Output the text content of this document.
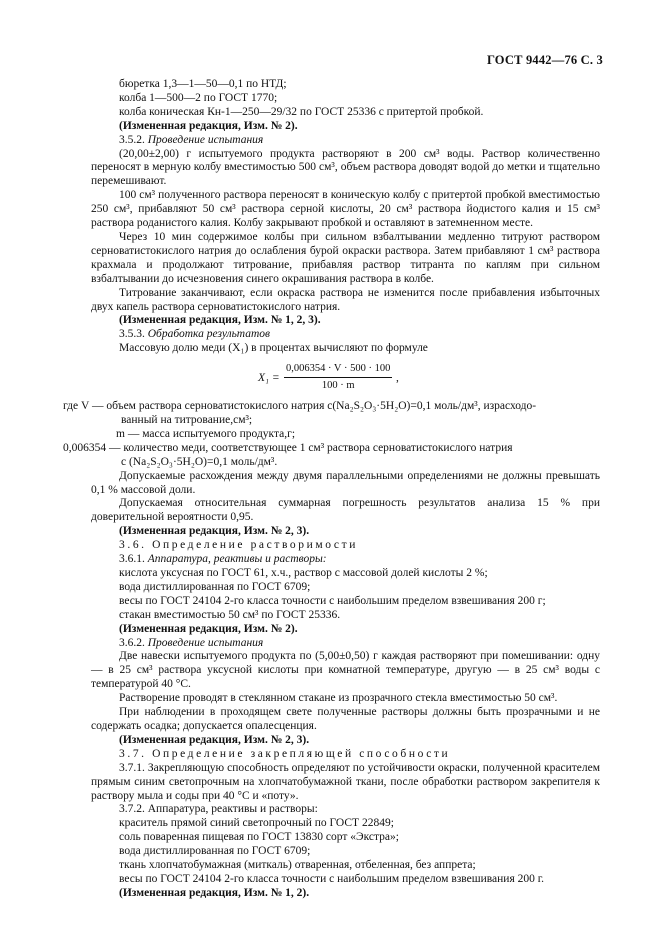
ГОСТ 9442—76 С. 3
бюретка 1,3—1—50—0,1 по НТД;
колба 1—500—2 по ГОСТ 1770;
колба коническая Кн-1—250—29/32 по ГОСТ 25336 с притертой пробкой.
(Измененная редакция, Изм. № 2).
3.5.2. Проведение испытания
(20,00±2,00) г испытуемого продукта растворяют в 200 см³ воды. Раствор количественно переносят в мерную колбу вместимостью 500 см³, объем раствора доводят водой до метки и тщательно перемешивают.
100 см³ полученного раствора переносят в коническую колбу с притертой пробкой вместимостью 250 см³, прибавляют 50 см³ раствора серной кислоты, 20 см³ раствора йодистого калия и 15 см³ раствора роданистого калия. Колбу закрывают пробкой и оставляют в затемненном месте.
Через 10 мин содержимое колбы при сильном взбалтывании медленно титруют раствором серноватистокислого натрия до ослабления бурой окраски раствора. Затем прибавляют 1 см³ раствора крахмала и продолжают титрование, прибавляя раствор титранта по каплям при сильном взбалтывании до исчезновения синего окрашивания раствора в колбе.
Титрование заканчивают, если окраска раствора не изменится после прибавления избыточных двух капель раствора серноватистокислого натрия.
(Измененная редакция, Изм. № 1, 2, 3).
3.5.3. Обработка результатов
Массовую долю меди (X₁) в процентах вычисляют по формуле
$X_1 = \frac{0,006354 \cdot V \cdot 500 \cdot 100}{100 \cdot m}$ ,
где V — объем раствора серноватистокислого натрия c(Na₂S₂O₃·5H₂O)=0,1 моль/дм³, израсходо-
ванный на титрование,см³;
m — масса испытуемого продукта,г;
0,006354 — количество меди, соответствующее 1 см³ раствора серноватистокислого натрия
c (Na₂S₂O₃·5H₂O)=0,1 моль/дм³.
Допускаемые расхождения между двумя параллельными определениями не должны превышать 0,1 % массовой доли.
Допускаемая относительная суммарная погрешность результатов анализа 15 % при доверительной вероятности 0,95.
(Измененная редакция, Изм. № 2, 3).
3.6. Определение растворимости
3.6.1. Аппаратура, реактивы и растворы:
кислота уксусная по ГОСТ 61, х.ч., раствор с массовой долей кислоты 2 %;
вода дистиллированная по ГОСТ 6709;
весы по ГОСТ 24104 2-го класса точности с наибольшим пределом взвешивания 200 г;
стакан вместимостью 50 см³ по ГОСТ 25336.
(Измененная редакция, Изм. № 2).
3.6.2. Проведение испытания
Две навески испытуемого продукта по (5,00±0,50) г каждая растворяют при помешивании: одну — в 25 см³ раствора уксусной кислоты при комнатной температуре, другую — в 25 см³ воды с температурой 40 °С.
Растворение проводят в стеклянном стакане из прозрачного стекла вместимостью 50 см³.
При наблюдении в проходящем свете полученные растворы должны быть прозрачными и не содержать осадка; допускается опалесценция.
(Измененная редакция, Изм. № 2, 3).
3.7. Определение закрепляющей способности
3.7.1. Закрепляющую способность определяют по устойчивости окраски, полученной красителем прямым синим светопрочным на хлопчатобумажной ткани, после обработки раствором закрепителя к раствору мыла и соды при 40 °С и «поту».
3.7.2. Аппаратура, реактивы и растворы:
краситель прямой синий светопрочный по ГОСТ 22849;
соль поваренная пищевая по ГОСТ 13830 сорт «Экстра»;
вода дистиллированная по ГОСТ 6709;
ткань хлопчатобумажная (миткаль) отваренная, отбеленная, без аппрета;
весы по ГОСТ 24104 2-го класса точности с наибольшим пределом взвешивания 200 г.
(Измененная редакция, Изм. № 1, 2).
